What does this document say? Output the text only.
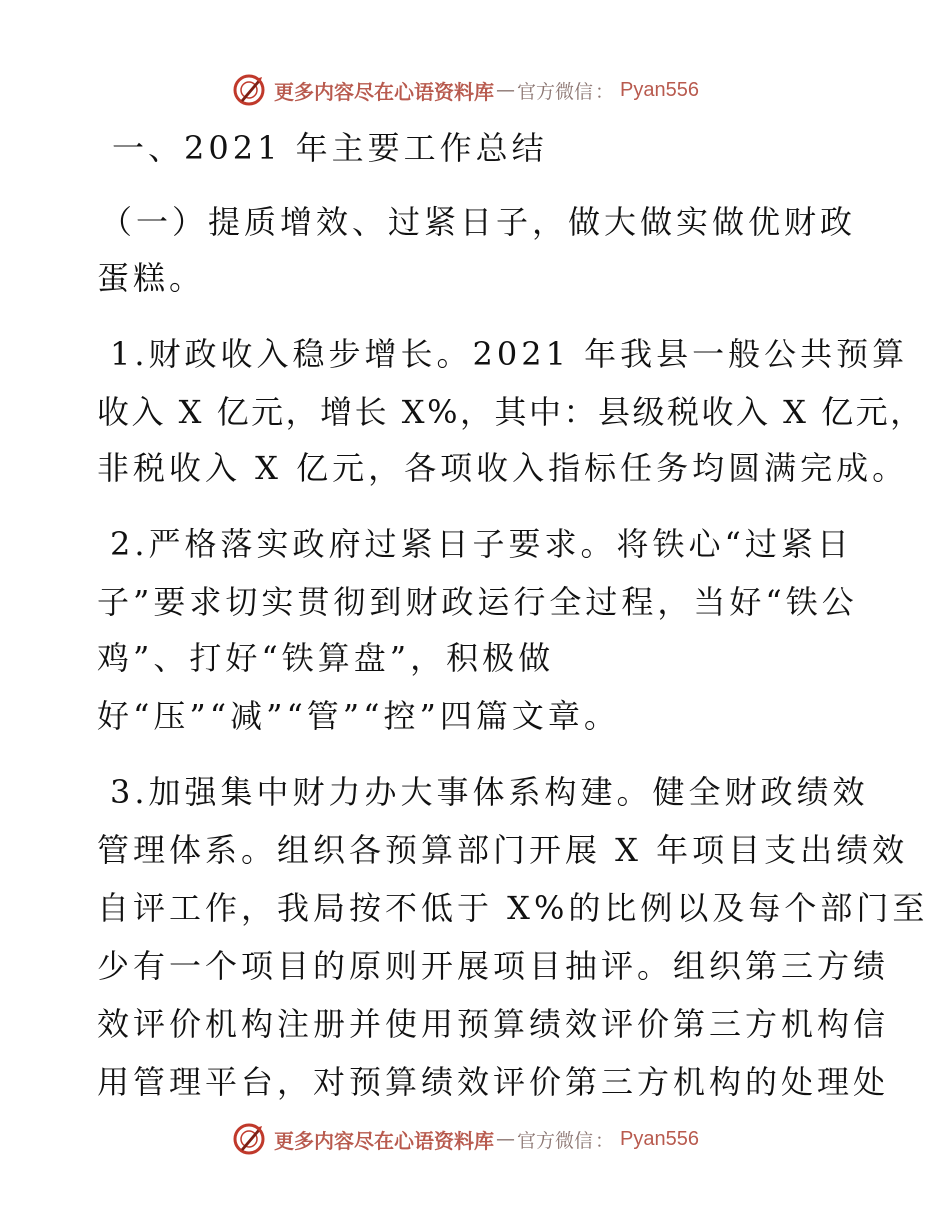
更多内容尽在心语资料库 — 官方微信 ： Pyan556
一、2021 年主要工作总结
（一）提质增效、过紧日子，做大做实做优财政
蛋糕。
1.财政收入稳步增长。2021 年我县一般公共预算
收入 X 亿元，增长 X%，其中：县级税收入 X 亿元，
非税收入 X 亿元，各项收入指标任务均圆满完成。
2.严格落实政府过紧日子要求。将铁心“过紧日
子”要求切实贯彻到财政运行全过程，当好“铁公
鸡”、打好“铁算盘”，积极做
好“压”“减”“管”“控”四篇文章。
3.加强集中财力办大事体系构建。健全财政绩效
管理体系。组织各预算部门开展 X 年项目支出绩效
自评工作，我局按不低于 X%的比例以及每个部门至
少有一个项目的原则开展项目抽评。组织第三方绩
效评价机构注册并使用预算绩效评价第三方机构信
用管理平台，对预算绩效评价第三方机构的处理处
更多内容尽在心语资料库 — 官方微信 ： Pyan556
